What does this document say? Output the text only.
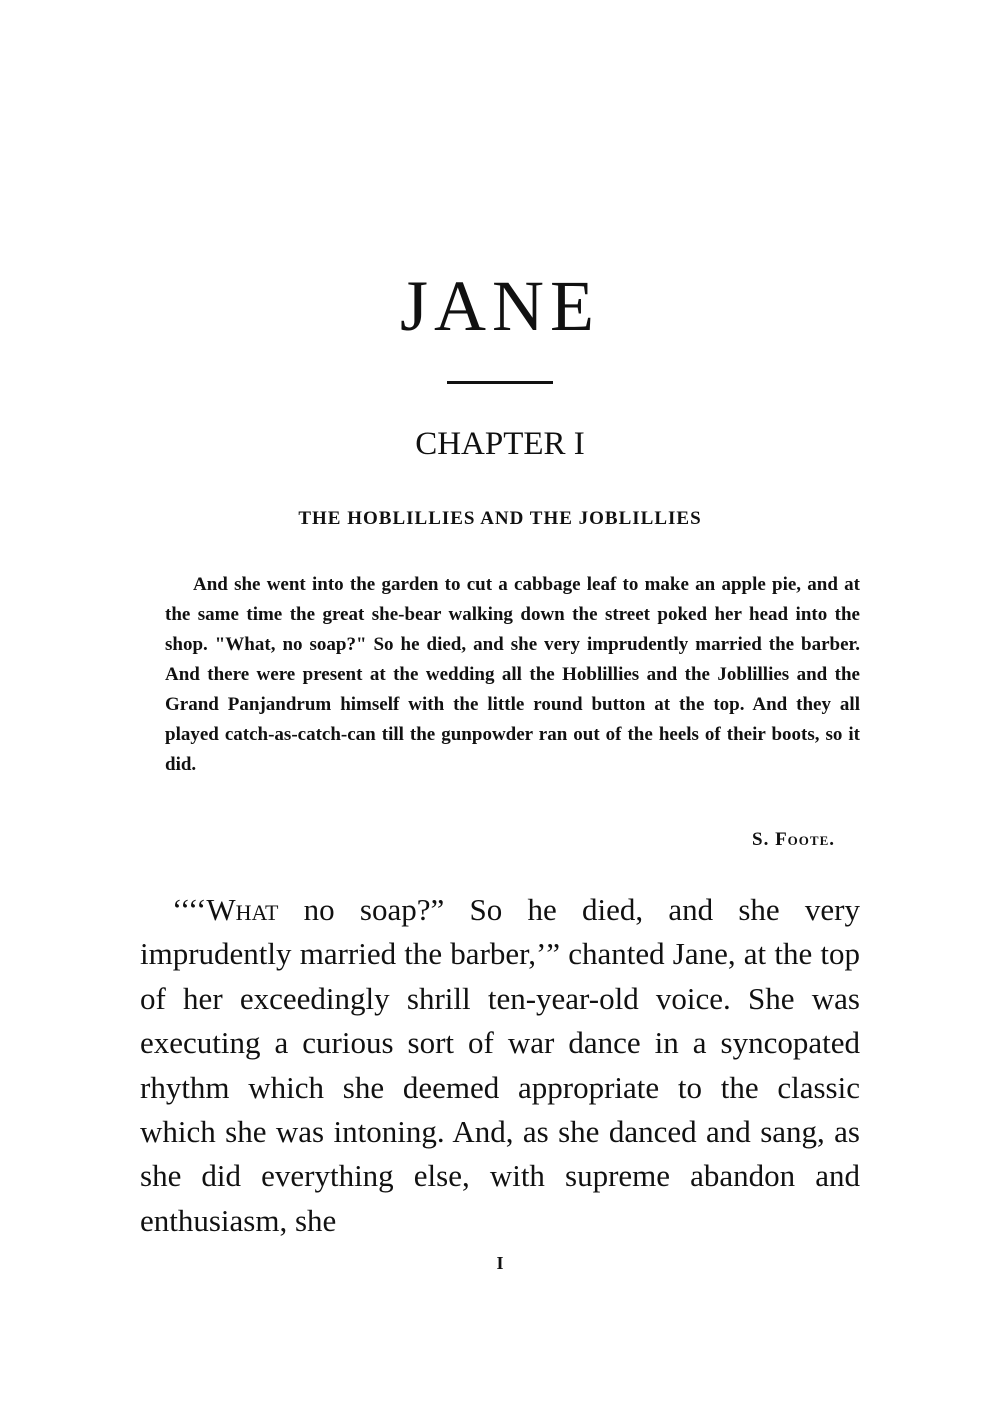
JANE
CHAPTER I
THE HOBLILLIES AND THE JOBLILLIES

And she went into the garden to cut a cabbage leaf to make an apple pie, and at the same time the great she-bear walking down the street poked her head into the shop. "What, no soap?" So he died, and she very imprudently married the barber. And there were present at the wedding all the Hoblillies and the Joblillies and the Grand Panjandrum himself with the little round button at the top. And they all played catch-as-catch-can till the gunpowder ran out of the heels of their boots, so it did.

S. Foote.

‘‘‘‘What no soap?” So he died, and she very imprudently married the barber,’” chanted Jane, at the top of her exceedingly shrill ten-year-old voice. She was executing a curious sort of war dance in a syncopated rhythm which she deemed appropriate to the classic which she was intoning. And, as she danced and sang, as she did everything else, with supreme abandon and enthusiasm, she

I
